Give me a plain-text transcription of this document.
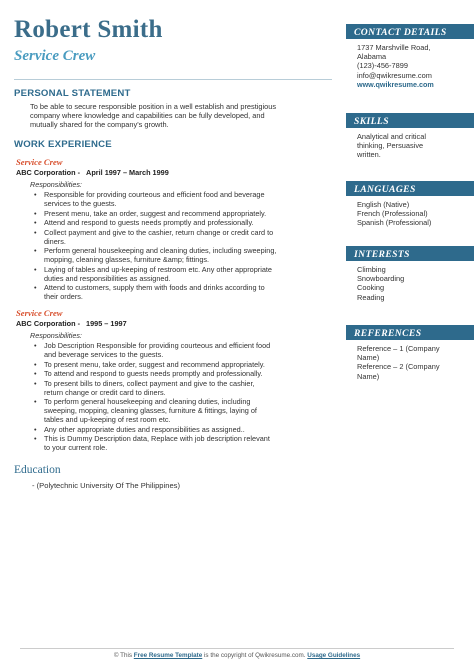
Robert Smith
Service Crew
PERSONAL STATEMENT
To be able to secure responsible position in a well establish and prestigious
company where knowledge and capabilities can be fully developed, and
mutually shared for the company's growth.
WORK EXPERIENCE
Service Crew
ABC Corporation - April 1997 – March 1999
Responsibilities:
• Responsible for providing courteous and efficient food and beverage
services to the guests.
• Present menu, take an order, suggest and recommend appropriately.
• Attend and respond to guests needs promptly and professionally.
• Collect payment and give to the cashier, return change or credit card to
diners.
• Perform general housekeeping and cleaning duties, including sweeping,
mopping, cleaning glasses, furniture &amp; fittings.
• Laying of tables and up-keeping of restroom etc. Any other appropriate
duties and responsibilities as assigned.
• Attend to customers, supply them with foods and drinks according to
their orders.
Service Crew
ABC Corporation - 1995 – 1997
Responsibilities:
• Job Description Responsible for providing courteous and efficient food
and beverage services to the guests.
• To present menu, take order, suggest and recommend appropriately.
• To attend and respond to guests needs promptly and professionally.
• To present bills to diners, collect payment and give to the cashier,
return change or credit card to diners.
• To perform general housekeeping and cleaning duties, including
sweeping, mopping, cleaning glasses, furniture & fittings, laying of
tables and up-keeping of rest room etc.
• Any other appropriate duties and responsibilities as assigned..
• This is Dummy Description data, Replace with job description relevant
to your current role.
Education
- (Polytechnic University Of The Philippines)
CONTACT DETAILS
1737 Marshville Road,
Alabama
(123)-456-7899
info@qwikresume.com
www.qwikresume.com
SKILLS
Analytical and critical
thinking, Persuasive
written.
LANGUAGES
English (Native)
French (Professional)
Spanish (Professional)
INTERESTS
Climbing
Snowboarding
Cooking
Reading
REFERENCES
Reference – 1 (Company
Name)
Reference – 2 (Company
Name)
© This Free Resume Template is the copyright of Qwikresume.com. Usage Guidelines
